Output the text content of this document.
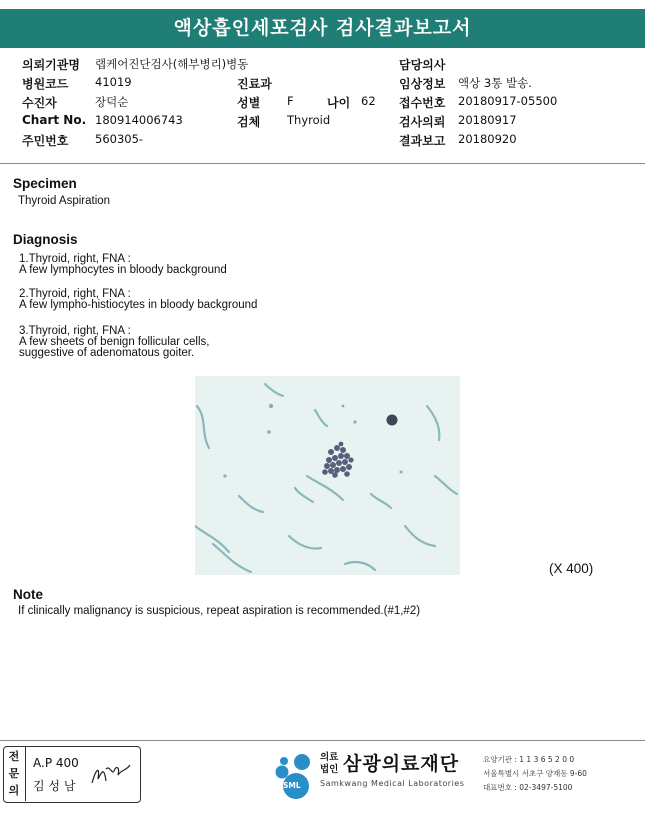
액상흡인세포검사 검사결과보고서
의뢰기관명 랩케어진단검사(해부병리)병동
병원코드 41019
수진자	장덕순
Chart No. 180914006743
주민번호 560305-
진료과
성별 F	나이 62
검체 Thyroid
담당의사
임상정보 액상 3통 발송.
접수번호 20180917-05500
검사의뢰 20180917
결과보고 20180920
Specimen
Thyroid Aspiration
Diagnosis
1.Thyroid, right, FNA :
A few lymphocytes in bloody background
2.Thyroid, right, FNA :
A few lympho-histiocytes in bloody background
3.Thyroid, right, FNA :
A few sheets of benign follicular cells,
suggestive of adenomatous goiter.
(X 400)
Note
If clinically malignancy is suspicious, repeat aspiration is recommended.(#1,#2)
전문의
A.P 400
김 성 남	SML
의료
법인 삼광의료재단
Samkwang Medical Laboratories
요양기관 : 1 1 3 6 5 2 0 0
서울특별시 서초구 양재동 9-60
대표번호 : 02-3497-5100
